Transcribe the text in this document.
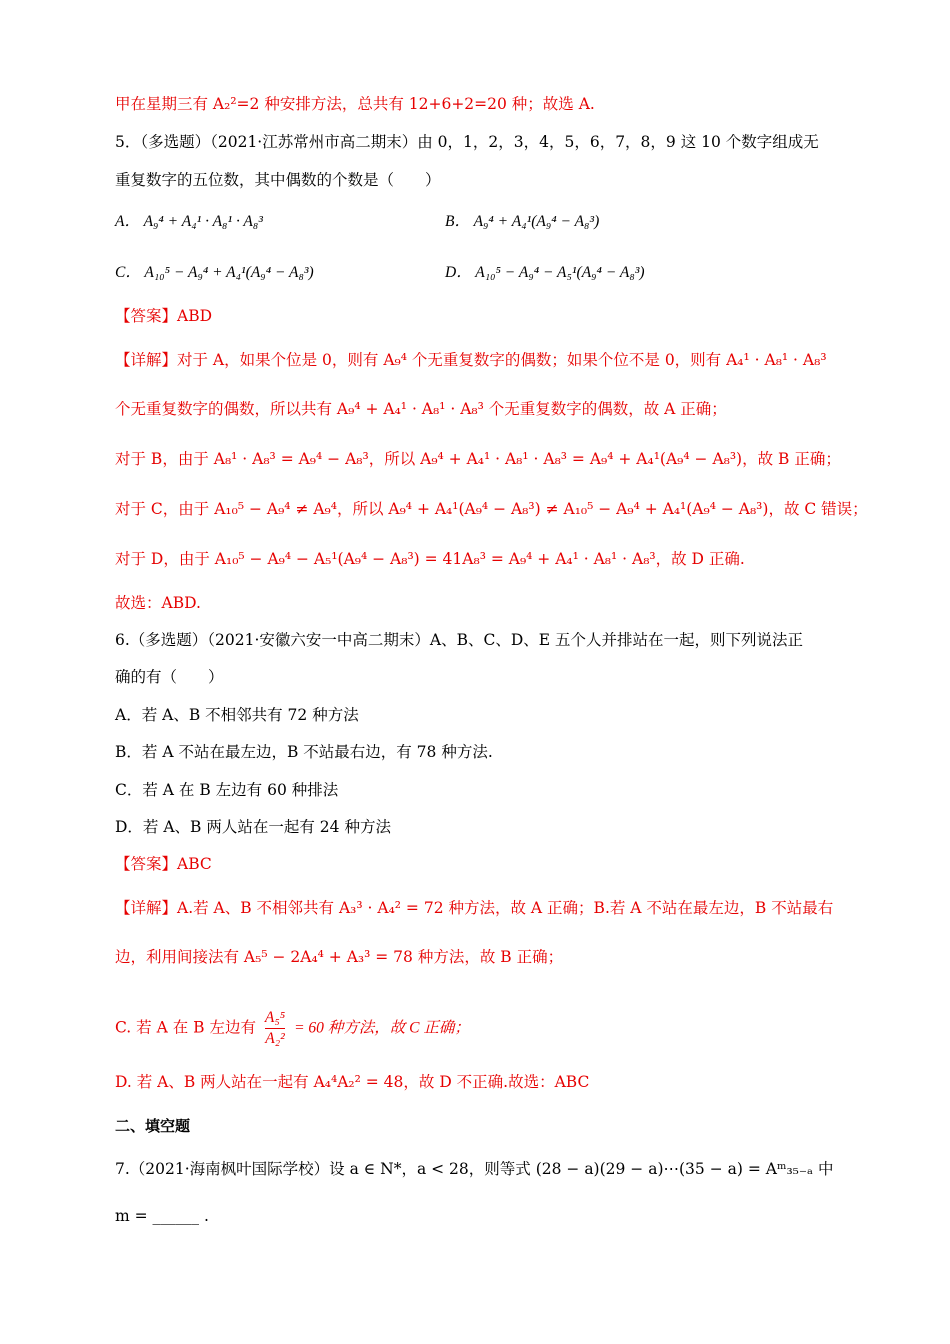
甲在星期三有 A₂²=2 种安排方法，总共有 12+6+2=20 种；故选 A.
5．（多选题）（2021·江苏常州市高二期末）由 0，1，2，3，4，5，6，7，8，9 这 10 个数字组成无
重复数字的五位数，其中偶数的个数是（　　）
A． A₉⁴ + A₄¹ · A₈¹ · A₈³	B． A₉⁴ + A₄¹(A₉⁴ − A₈³)
C． A₁₀⁵ − A₉⁴ + A₄¹(A₉⁴ − A₈³)	D． A₁₀⁵ − A₉⁴ − A₅¹(A₉⁴ − A₈³)
【答案】ABD
【详解】对于 A，如果个位是 0，则有 A₉⁴ 个无重复数字的偶数；如果个位不是 0，则有 A₄¹ · A₈¹ · A₈³
个无重复数字的偶数，所以共有 A₉⁴ + A₄¹ · A₈¹ · A₈³ 个无重复数字的偶数，故 A 正确；
对于 B，由于 A₈¹ · A₈³ = A₉⁴ − A₈³，所以 A₉⁴ + A₄¹ · A₈¹ · A₈³ = A₉⁴ + A₄¹(A₉⁴ − A₈³)，故 B 正确；
对于 C，由于 A₁₀⁵ − A₉⁴ ≠ A₉⁴，所以 A₉⁴ + A₄¹(A₉⁴ − A₈³) ≠ A₁₀⁵ − A₉⁴ + A₄¹(A₉⁴ − A₈³)，故 C 错误；
对于 D，由于 A₁₀⁵ − A₉⁴ − A₅¹(A₉⁴ − A₈³) = 41A₈³ = A₉⁴ + A₄¹ · A₈¹ · A₈³，故 D 正确.
故选：ABD.
6.（多选题）（2021·安徽六安一中高二期末）A、B、C、D、E 五个人并排站在一起，则下列说法正
确的有（　　）
A．若 A、B 不相邻共有 72 种方法
B．若 A 不站在最左边，B 不站最右边，有 78 种方法.
C．若 A 在 B 左边有 60 种排法
D．若 A、B 两人站在一起有 24 种方法
【答案】ABC
【详解】A.若 A、B 不相邻共有 A₃³ · A₄² = 72 种方法，故 A 正确；B.若 A 不站在最左边，B 不站最右
边，利用间接法有 A₅⁵ − 2A₄⁴ + A₃³ = 78 种方法，故 B 正确；
C. 若 A 在 B 左边有 $\frac{\text{A₅⁵}}{\text{A₂²}} = 60$ 种方法，故 C 正确；
D. 若 A、B 两人站在一起有 A₄⁴A₂² = 48，故 D 不正确.故选：ABC
二、填空题
7.（2021·海南枫叶国际学校）设 a ∈ N*，a < 28，则等式 (28 − a)(29 − a)⋯(35 − a) = Aᵐ₃₅₋ₐ 中
m = ______ .
